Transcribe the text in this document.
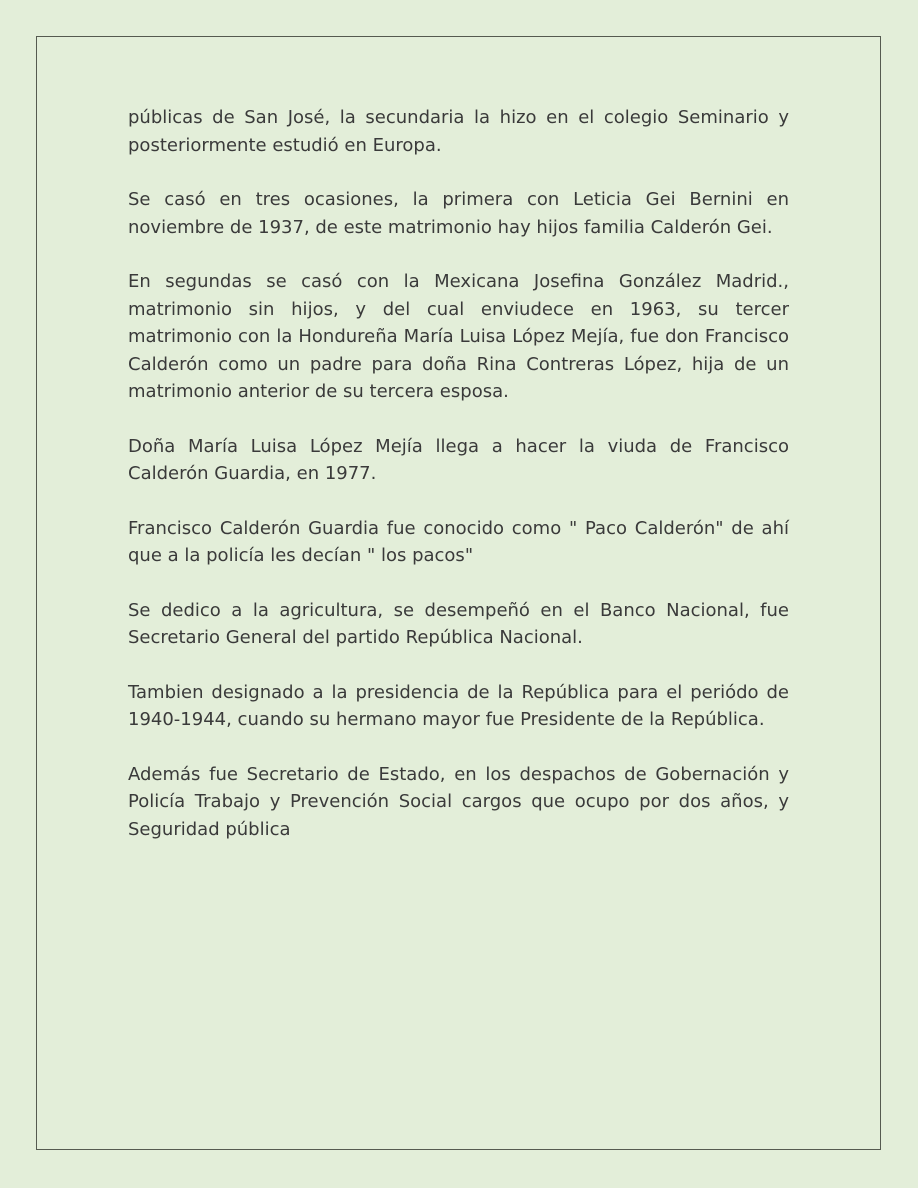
públicas de San José, la secundaria la hizo en el colegio Seminario y posteriormente estudió en Europa.

Se casó en tres ocasiones, la primera con Leticia Gei Bernini en noviembre de 1937, de este matrimonio hay hijos familia Calderón Gei.

En segundas se casó con la Mexicana Josefina González Madrid., matrimonio sin hijos, y del cual enviudece en 1963, su tercer matrimonio con la Hondureña María Luisa López Mejía, fue don Francisco Calderón como un padre para doña Rina Contreras López, hija de un matrimonio anterior de su tercera esposa.

Doña María Luisa López Mejía llega a hacer la viuda de Francisco Calderón Guardia, en 1977.

Francisco Calderón Guardia fue conocido como " Paco Calderón" de ahí que a la policía les decían " los pacos"

Se dedico a la agricultura, se desempeñó en el Banco Nacional, fue Secretario General del partido República Nacional.

Tambien designado a la presidencia de la República para el periódo de 1940-1944, cuando su hermano mayor fue Presidente de la República.

Además fue Secretario de Estado, en los despachos de Gobernación y Policía Trabajo y Prevención Social cargos que ocupo por dos años, y Seguridad pública
